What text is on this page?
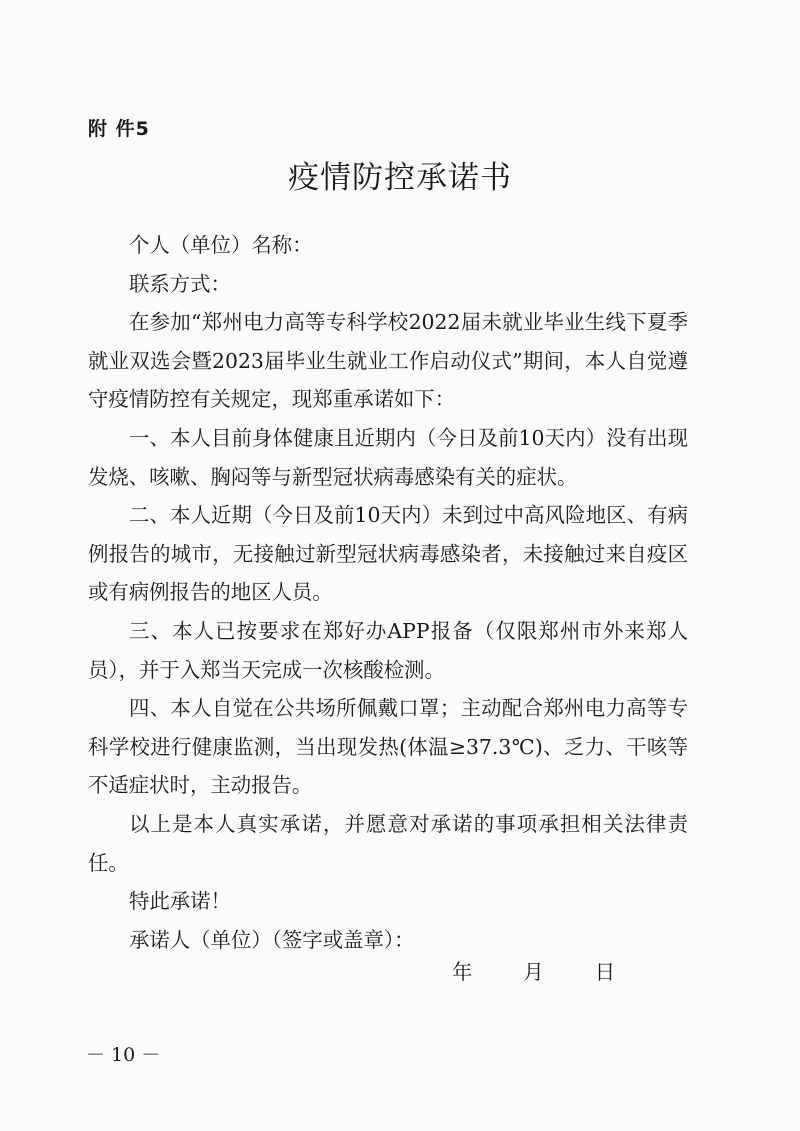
附 件5
疫情防控承诺书

个人（单位）名称：

联系方式：

在参加“郑州电力高等专科学校2022届未就业毕业生线下夏季就业双选会暨2023届毕业生就业工作启动仪式”期间，本人自觉遵守疫情防控有关规定，现郑重承诺如下：

一、本人目前身体健康且近期内（今日及前10天内）没有出现发烧、咳嗽、胸闷等与新型冠状病毒感染有关的症状。

二、本人近期（今日及前10天内）未到过中高风险地区、有病例报告的城市，无接触过新型冠状病毒感染者，未接触过来自疫区或有病例报告的地区人员。

三、本人已按要求在郑好办APP报备（仅限郑州市外来郑人员），并于入郑当天完成一次核酸检测。

四、本人自觉在公共场所佩戴口罩；主动配合郑州电力高等专科学校进行健康监测，当出现发热(体温≥37.3℃)、乏力、干咳等不适症状时，主动报告。

以上是本人真实承诺，并愿意对承诺的事项承担相关法律责任。

特此承诺！

承诺人（单位）（签字或盖章）：

年 月 日
－ 10 －
